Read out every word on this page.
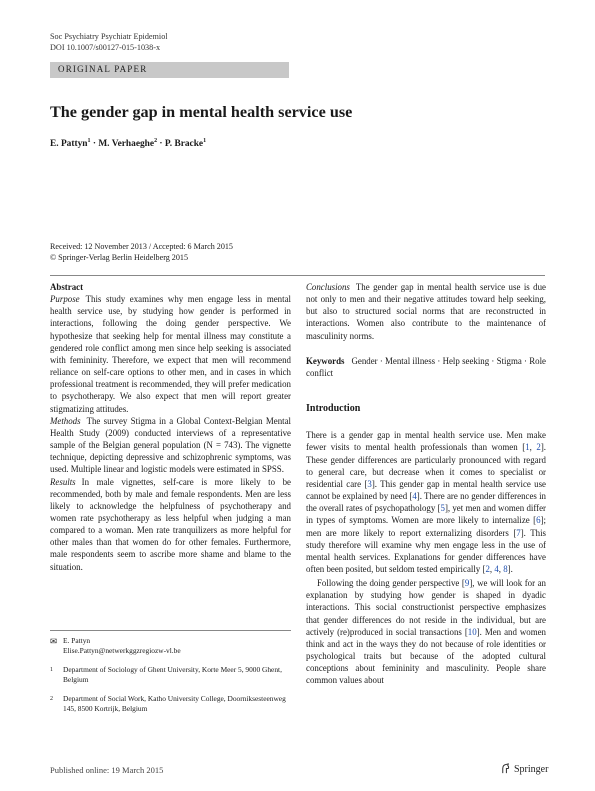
Soc Psychiatry Psychiatr Epidemiol
DOI 10.1007/s00127-015-1038-x
ORIGINAL PAPER
The gender gap in mental health service use
E. Pattyn$^1$ · M. Verhaeghe$^2$ · P. Bracke$^1$
Received: 12 November 2013 / Accepted: 6 March 2015
© Springer-Verlag Berlin Heidelberg 2015

Abstract

Purpose This study examines why men engage less in mental health service use, by studying how gender is performed in interactions, following the doing gender perspective. We hypothesize that seeking help for mental illness may constitute a gendered role conflict among men since help seeking is associated with femininity. Therefore, we expect that men will recommend reliance on self-care options to other men, and in cases in which professional treatment is recommended, they will prefer medication to psychotherapy. We also expect that men will report greater stigmatizing attitudes.

Methods The survey Stigma in a Global Context-Belgian Mental Health Study (2009) conducted interviews of a representative sample of the Belgian general population (N = 743). The vignette technique, depicting depressive and schizophrenic symptoms, was used. Multiple linear and logistic models were estimated in SPSS.

Results In male vignettes, self-care is more likely to be recommended, both by male and female respondents. Men are less likely to acknowledge the helpfulness of psychotherapy and women rate psychotherapy as less helpful when judging a man compared to a woman. Men rate tranquilizers as more helpful for other males than that women do for other females. Furthermore, male respondents seem to ascribe more shame and blame to the situation.

Conclusions The gender gap in mental health service use is due not only to men and their negative attitudes toward help seeking, but also to structured social norms that are reconstructed in interactions. Women also contribute to the maintenance of masculinity norms.

Keywords Gender · Mental illness · Help seeking · Stigma · Role conflict

Introduction

There is a gender gap in mental health service use. Men make fewer visits to mental health professionals than women [1, 2]. These gender differences are particularly pronounced with regard to general care, but decrease when it comes to specialist or residential care [3]. This gender gap in mental health service use cannot be explained by need [4]. There are no gender differences in the overall rates of psychopathology [5], yet men and women differ in types of symptoms. Women are more likely to internalize [6]; men are more likely to report externalizing disorders [7]. This study therefore will examine why men engage less in the use of mental health services. Explanations for gender differences have often been posited, but seldom tested empirically [2, 4, 8].

Following the doing gender perspective [9], we will look for an explanation by studying how gender is shaped in dyadic interactions. This social constructionist perspective emphasizes that gender differences do not reside in the individual, but are actively (re)produced in social transactions [10]. Men and women think and act in the ways they do not because of role identities or psychological traits but because of the adopted cultural conceptions about femininity and masculinity. People share common values about

✉ E. Pattyn
Elise.Pattyn@netwerkggzregiozw-vl.be
1	Department of Sociology of Ghent University, Korte Meer 5, 9000 Ghent, Belgium
2	Department of Social Work, Katho University College, Doorniksesteenweg 145, 8500 Kortrijk, Belgium
Published online: 19 March 2015	Springer
